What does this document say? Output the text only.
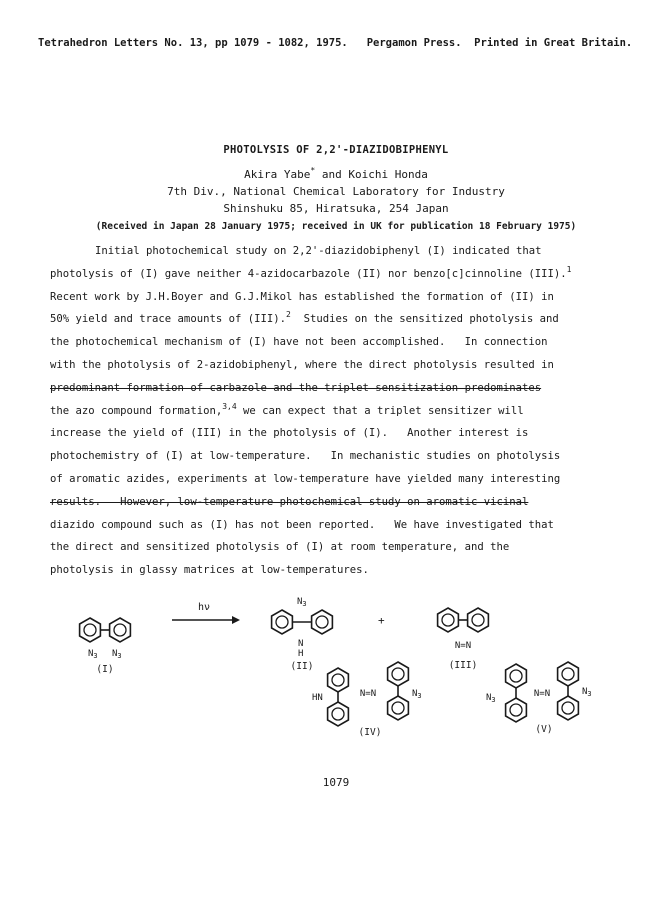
Tetrahedron Letters No. 13, pp 1079 - 1082, 1975.   Pergamon Press.  Printed in Great Britain.
PHOTOLYSIS OF 2,2'-DIAZIDOBIPHENYL
Akira Yabe* and Koichi Honda
7th Div., National Chemical Laboratory for Industry
Shinshuku 85, Hiratsuka, 254 Japan
(Received in Japan 28 January 1975; received in UK for publication 18 February 1975)
Initial photochemical study on 2,2'-diazidobiphenyl (I) indicated that
photolysis of (I) gave neither 4-azidocarbazole (II) nor benzo[c]cinnoline (III).$^1$
Recent work by J.H.Boyer and G.J.Mikol has established the formation of (II) in
50% yield and trace amounts of (III).$^2$  Studies on the sensitized photolysis and
the photochemical mechanism of (I) have not been accomplished.   In connection
with the photolysis of 2-azidobiphenyl, where the direct photolysis resulted in
predominant formation of carbazole and the triplet sensitization predominates
the azo compound formation,$^{3,4}$ we can expect that a triplet sensitizer will
increase the yield of (III) in the photolysis of (I).   Another interest is
photochemistry of (I) at low-temperature.   In mechanistic studies on photolysis
of aromatic azides, experiments at low-temperature have yielded many interesting
results.   However, low-temperature photochemical study on aromatic vicinal
diazido compound such as (I) has not been reported.   We have investigated that
the direct and sensitized photolysis of (I) at room temperature, and the
photolysis in glassy matrices at low-temperatures.
$N_3$ $N_3$
(I)
hν	$N_3$
N
H
(II)
+
N=N
(III)
HN	N=N	$N_3$
(IV)
$N_3$
N=N	$N_3$
(V)
1079
